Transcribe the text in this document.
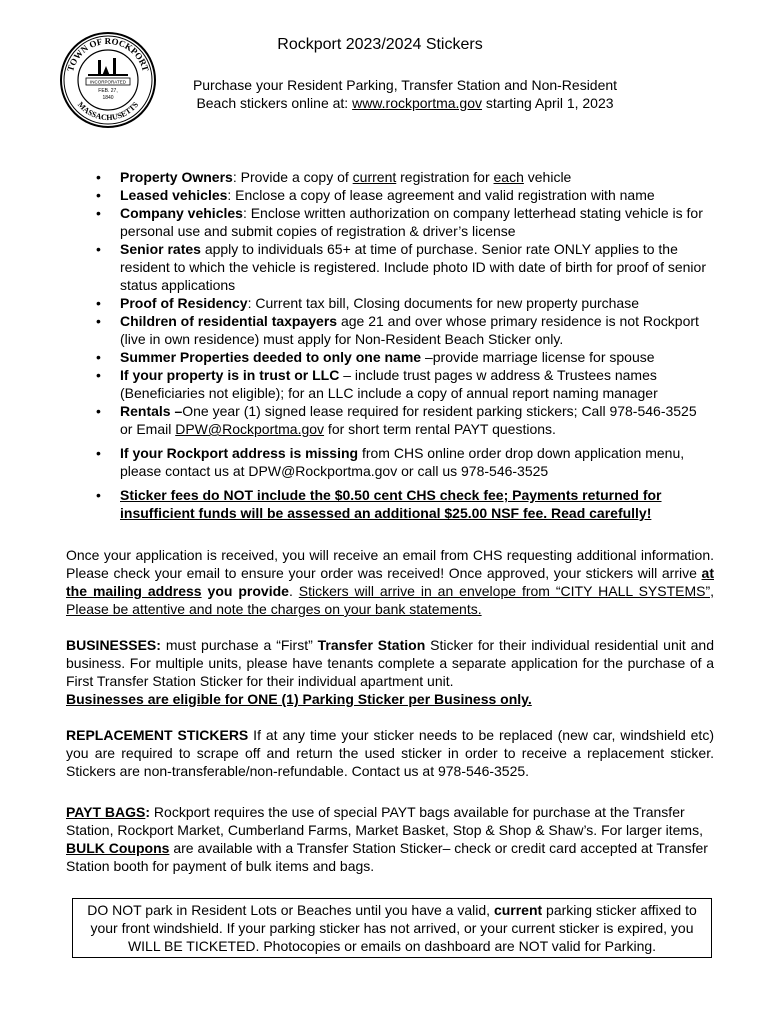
TOWN OF ROCKPORT
MASSACHUSETTS
INCORPORATED
FEB. 27,
1840
Rockport 2023/2024 Stickers
Purchase your Resident Parking, Transfer Station and Non-Resident
Beach stickers online at: www.rockportma.gov starting April 1, 2023
• Property Owners: Provide a copy of current registration for each vehicle
• Leased vehicles: Enclose a copy of lease agreement and valid registration with name
• Company vehicles: Enclose written authorization on company letterhead stating vehicle is for personal use and submit copies of registration & driver’s license
• Senior rates apply to individuals 65+ at time of purchase. Senior rate ONLY applies to the resident to which the vehicle is registered. Include photo ID with date of birth for proof of senior status applications
• Proof of Residency: Current tax bill, Closing documents for new property purchase
• Children of residential taxpayers age 21 and over whose primary residence is not Rockport (live in own residence) must apply for Non-Resident Beach Sticker only.
• Summer Properties deeded to only one name –provide marriage license for spouse
• If your property is in trust or LLC – include trust pages w address & Trustees names (Beneficiaries not eligible); for an LLC include a copy of annual report naming manager
• Rentals –One year (1) signed lease required for resident parking stickers; Call 978-546-3525 or Email DPW@Rockportma.gov for short term rental PAYT questions.
• If your Rockport address is missing from CHS online order drop down application menu, please contact us at DPW@Rockportma.gov or call us 978-546-3525
• Sticker fees do NOT include the $0.50 cent CHS check fee; Payments returned for insufficient funds will be assessed an additional $25.00 NSF fee. Read carefully!

Once your application is received, you will receive an email from CHS requesting additional information. Please check your email to ensure your order was received! Once approved, your stickers will arrive at the mailing address you provide. Stickers will arrive in an envelope from “CITY HALL SYSTEMS”, Please be attentive and note the charges on your bank statements.

BUSINESSES: must purchase a “First” Transfer Station Sticker for their individual residential unit and business. For multiple units, please have tenants complete a separate application for the purchase of a First Transfer Station Sticker for their individual apartment unit.
Businesses are eligible for ONE (1) Parking Sticker per Business only.

REPLACEMENT STICKERS If at any time your sticker needs to be replaced (new car, windshield etc) you are required to scrape off and return the used sticker in order to receive a replacement sticker. Stickers are non-transferable/non-refundable. Contact us at 978-546-3525.

PAYT BAGS: Rockport requires the use of special PAYT bags available for purchase at the Transfer Station, Rockport Market, Cumberland Farms, Market Basket, Stop & Shop & Shaw’s. For larger items, BULK Coupons are available with a Transfer Station Sticker– check or credit card accepted at Transfer Station booth for payment of bulk items and bags.

DO NOT park in Resident Lots or Beaches until you have a valid, current parking sticker affixed to your front windshield. If your parking sticker has not arrived, or your current sticker is expired, you WILL BE TICKETED. Photocopies or emails on dashboard are NOT valid for Parking.
